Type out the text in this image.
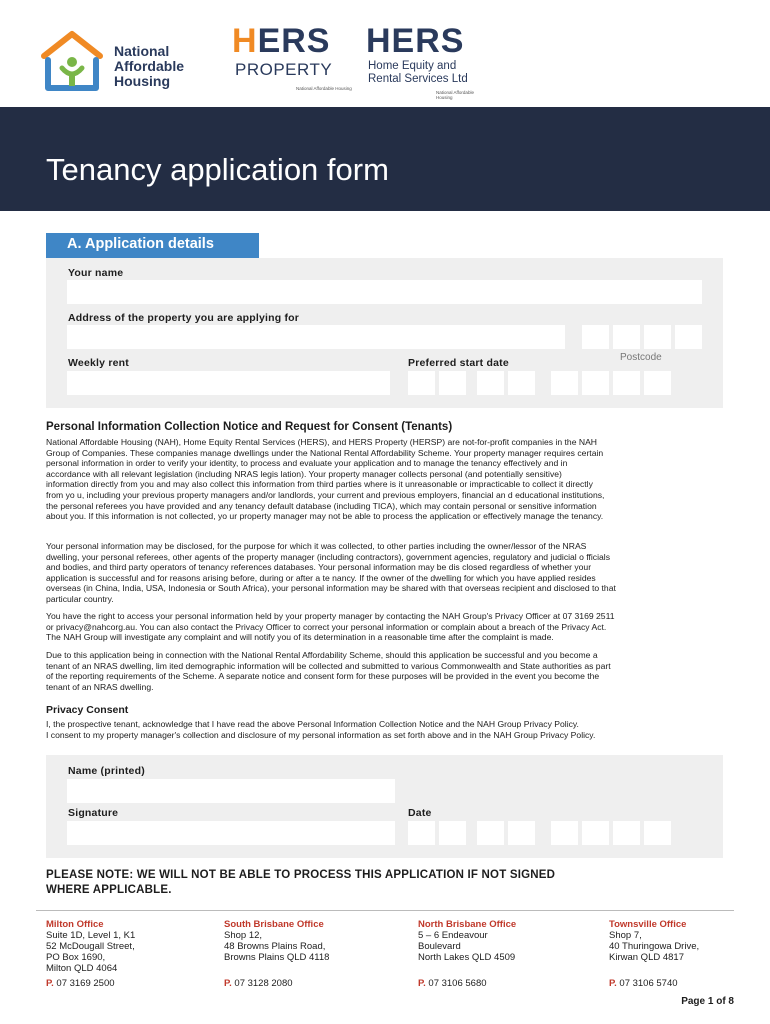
National
Affordable
Housing
HERS
PROPERTY
National Affordable Housing
HERS
Home Equity and
Rental Services Ltd
National Affordable Housing
Tenancy application form
A. Application details
Your name
Address of the property you are applying for
Postcode
Weekly rent	Preferred start date
Personal Information Collection Notice and Request for Consent (Tenants)
National Affordable Housing (NAH), Home Equity Rental Services (HERS), and HERS Property (HERSP) are not-for-profit companies in the NAH
Group of Companies. These companies manage dwellings under the National Rental Affordability Scheme. Your property manager requires certain
personal information in order to verify your identity, to process and evaluate your application and to manage the tenancy effectively and in
accordance with all relevant legislation (including NRAS legis lation). Your property manager collects personal (and potentially sensitive)
information directly from you and may also collect this information from third parties where is it unreasonable or impracticable to collect it directly
from yo u, including your previous property managers and/or landlords, your current and previous employers, financial an d educational institutions,
the personal referees you have provided and any tenancy default database (including TICA), which may contain personal or sensitive information
about you. If this information is not collected, yo ur property manager may not be able to process the application or effectively manage the tenancy.
Your personal information may be disclosed, for the purpose for which it was collected, to other parties including the owner/lessor of the NRAS
dwelling, your personal referees, other agents of the property manager (including contractors), government agencies, regulatory and judicial o fficials
and bodies, and third party operators of tenancy references databases. Your personal information may be dis closed regardless of whether your
application is successful and for reasons arising before, during or after a te nancy. If the owner of the dwelling for which you have applied resides
overseas (in China, India, USA, Indonesia or South Africa), your personal information may be shared with that overseas recipient and disclosed to that
particular country.
You have the right to access your personal information held by your property manager by contacting the NAH Group's Privacy Officer at 07 3169 2511
or privacy@nahcorg.au. You can also contact the Privacy Officer to correct your personal information or complain about a breach of the Privacy Act.
The NAH Group will investigate any complaint and will notify you of its determination in a reasonable time after the complaint is made.
Due to this application being in connection with the National Rental Affordability Scheme, should this application be successful and you become a
tenant of an NRAS dwelling, lim ited demographic information will be collected and submitted to various Commonwealth and State authorities as part
of the reporting requirements of the Scheme. A separate notice and consent form for these purposes will be provided in the event you become the
tenant of an NRAS dwelling.
Privacy Consent
I, the prospective tenant, acknowledge that I have read the above Personal Information Collection Notice and the NAH Group Privacy Policy.
I consent to my property manager's collection and disclosure of my personal information as set forth above and in the NAH Group Privacy Policy.
Name (printed)
Signature	Date
PLEASE NOTE: WE WILL NOT BE ABLE TO PROCESS THIS APPLICATION IF NOT SIGNED
WHERE APPLICABLE.
Milton Office
Suite 1D, Level 1, K1
52 McDougall Street,
PO Box 1690,
Milton QLD 4064
P. 07 3169 2500
South Brisbane Office
Shop 12,
48 Browns Plains Road,
Browns Plains QLD 4118
P. 07 3128 2080
North Brisbane Office
5 – 6 Endeavour
Boulevard
North Lakes QLD 4509
P. 07 3106 5680
Townsville Office
Shop 7,
40 Thuringowa Drive,
Kirwan QLD 4817
P. 07 3106 5740
Page 1 of 8
